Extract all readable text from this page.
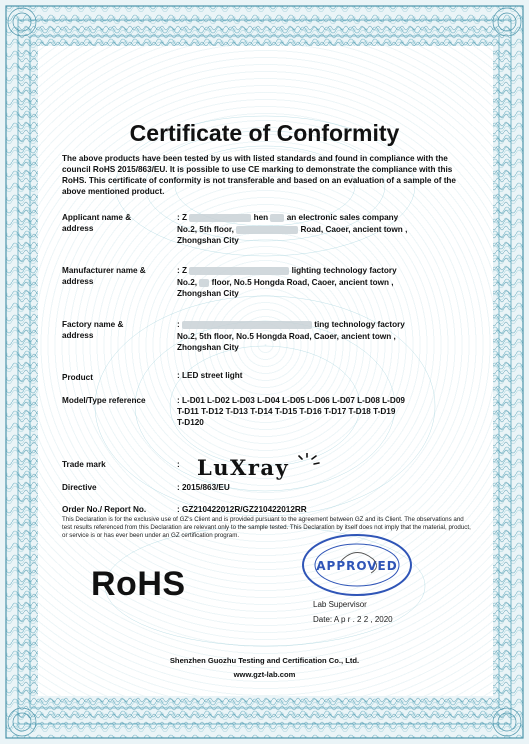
Certificate of Conformity
The above products have been tested by us with listed standards and found in compliance with the council RoHS 2015/863/EU. It is possible to use CE marking to demonstrate the compliance with this RoHS. This certificate of conformity is not transferable and based on an evaluation of a sample of the above mentioned product.
Applicant name &
address
: Z	hen an electronic sales company
No.2, 5th floor,	Road, Caoer, ancient town ,
Zhongshan City
Manufacturer name &
address
: Z	lighting technology factory
No.2, floor, No.5 Hongda Road, Caoer, ancient town ,
Zhongshan City
Factory name &
address
:	ting technology factory
No.2, 5th floor, No.5 Hongda Road, Caoer, ancient town ,
Zhongshan City
Product	: LED street light
Model/Type reference	: L-D01 L-D02 L-D03 L-D04 L-D05 L-D06 L-D07 L-D08 L-D09
T-D11 T-D12 T-D13 T-D14 T-D15 T-D16 T-D17 T-D18 T-D19
T-D120
Trade mark	: LuXray
Directive	: 2015/863/EU
Order No./ Report No.	: GZ210422012R/GZ210422012RR
This Declaration is for the exclusive use of GZ's Client and is provided pursuant to the agreement between GZ and its Client. The observations and test results referenced from this Declaration are relevant only to the sample tested. This Declaration by itself does not imply that the material, product, or service is or has ever been under an GZ certification program.
RoHS	APPROVED
Lab Supervisor
Date: A p r . 2 2 , 2020
Shenzhen Guozhu Testing and Certification Co., Ltd.
www.gzt-lab.com
